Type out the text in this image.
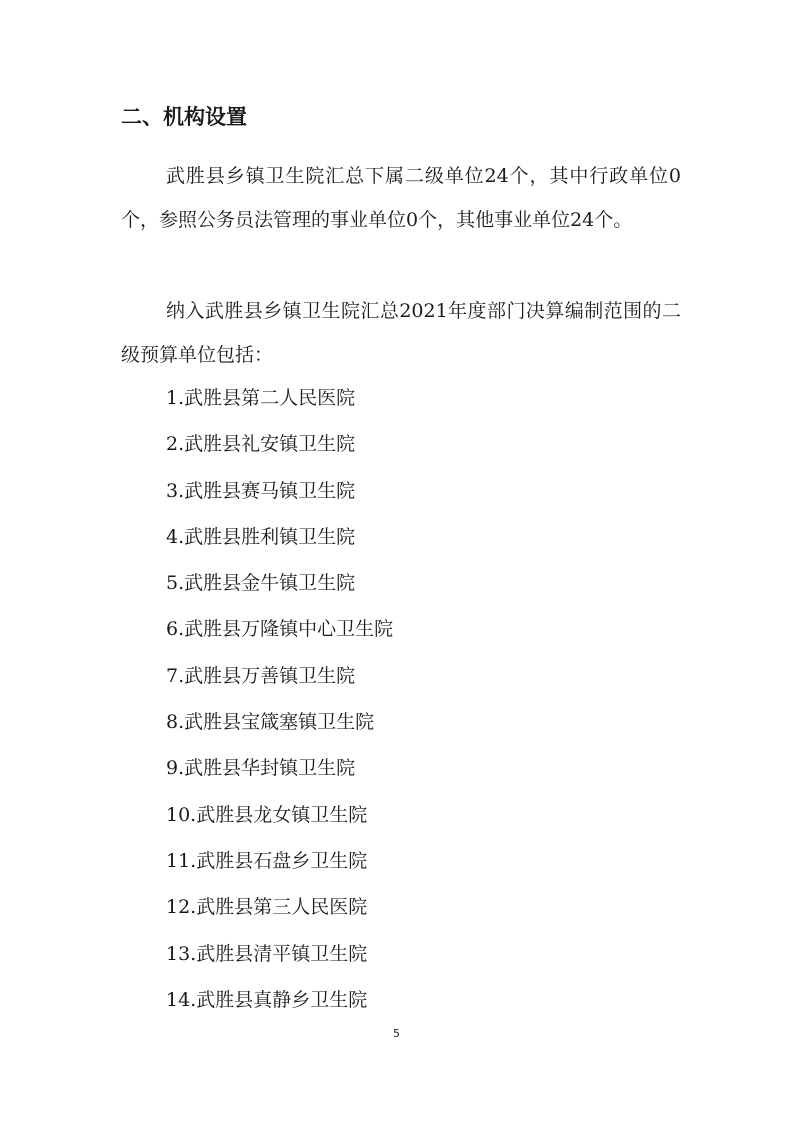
二、机构设置

武胜县乡镇卫生院汇总下属二级单位24个，其中行政单位0个，参照公务员法管理的事业单位0个，其他事业单位24个。

纳入武胜县乡镇卫生院汇总2021年度部门决算编制范围的二级预算单位包括：

1.武胜县第二人民医院
2.武胜县礼安镇卫生院
3.武胜县赛马镇卫生院
4.武胜县胜利镇卫生院
5.武胜县金牛镇卫生院
6.武胜县万隆镇中心卫生院
7.武胜县万善镇卫生院
8.武胜县宝箴塞镇卫生院
9.武胜县华封镇卫生院
10.武胜县龙女镇卫生院
11.武胜县石盘乡卫生院
12.武胜县第三人民医院
13.武胜县清平镇卫生院
14.武胜县真静乡卫生院
5
